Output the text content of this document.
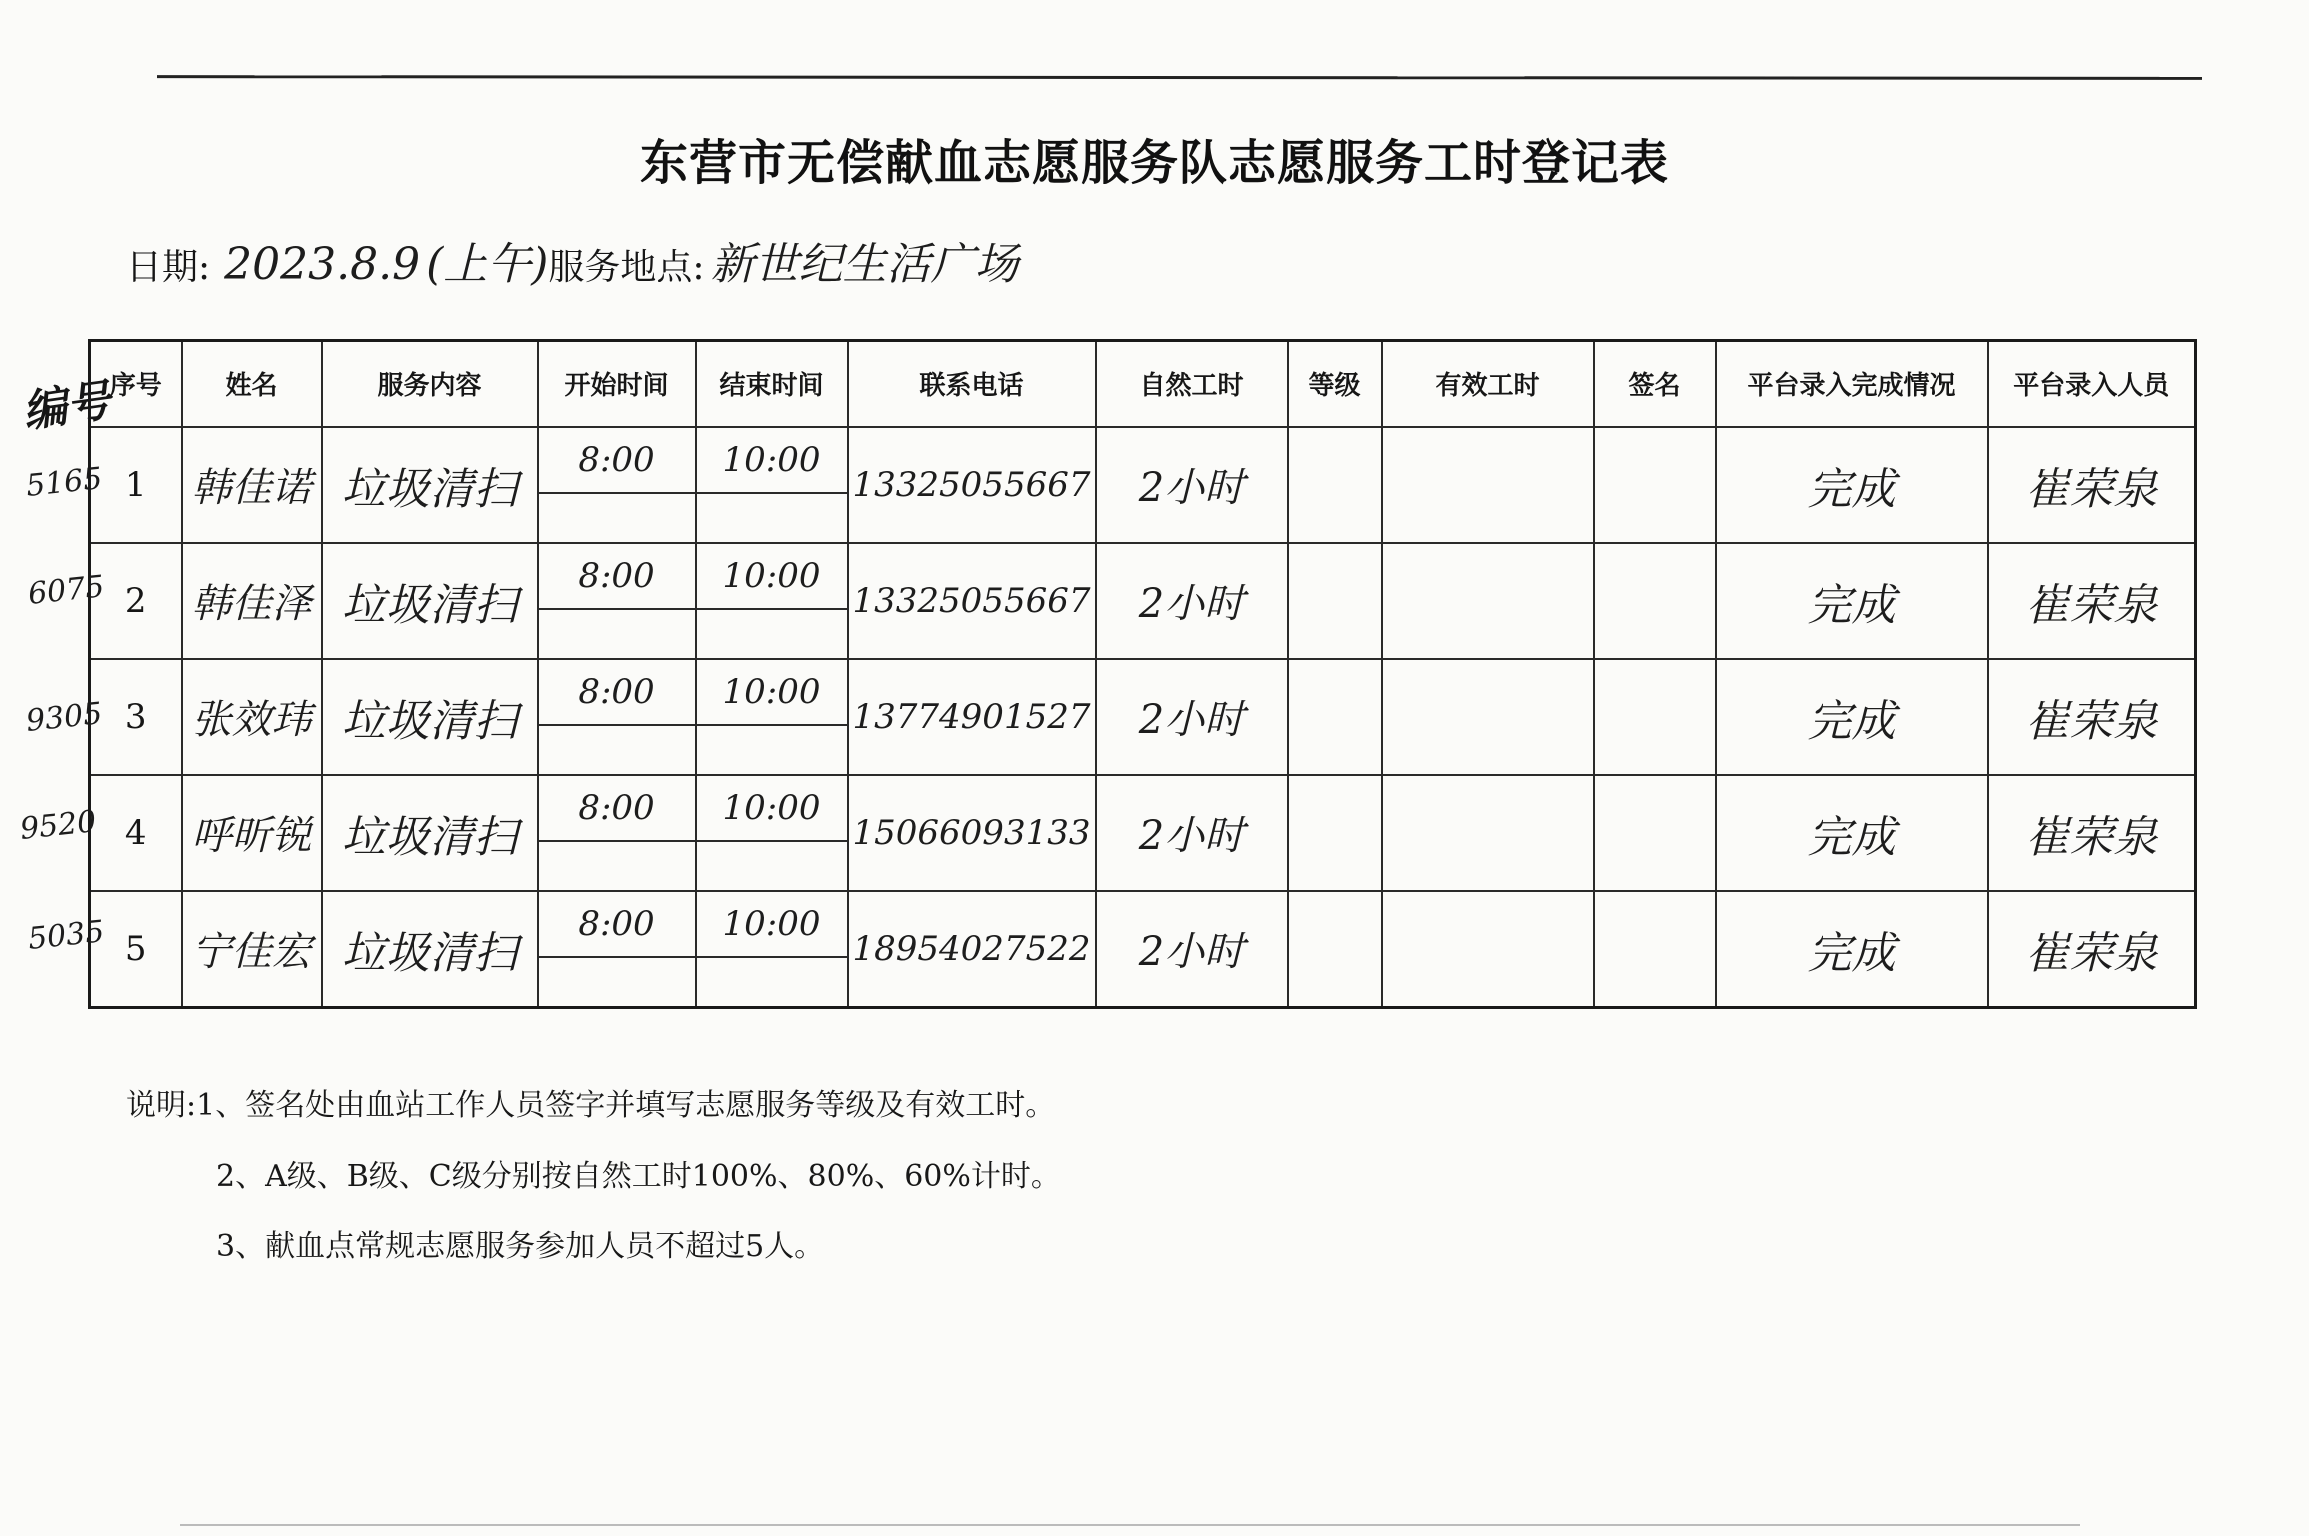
东营市无偿献血志愿服务队志愿服务工时登记表
日期: 2023.8.9 (上午)服务地点: 新世纪生活广场
编号
5165
6075
9305
9520
5035
序号	姓名	服务内容	开始时间	结束时间	联系电话	自然工时	等级	有效工时	签名	平台录入完成情况	平台录入人员
1	韩佳诺	垃圾清扫	8:00	10:00	13325055667	2小时				完成	崔荣泉
2	韩佳泽	垃圾清扫	8:00	10:00	13325055667	2小时				完成	崔荣泉
3	张效玮	垃圾清扫	8:00	10:00	13774901527	2小时				完成	崔荣泉
4	呼昕锐	垃圾清扫	8:00	10:00	15066093133	2小时				完成	崔荣泉
5	宁佳宏	垃圾清扫	8:00	10:00	18954027522	2小时				完成	崔荣泉
说明:1、签名处由血站工作人员签字并填写志愿服务等级及有效工时。
2、A级、B级、C级分别按自然工时100%、80%、60%计时。
3、献血点常规志愿服务参加人员不超过5人。
